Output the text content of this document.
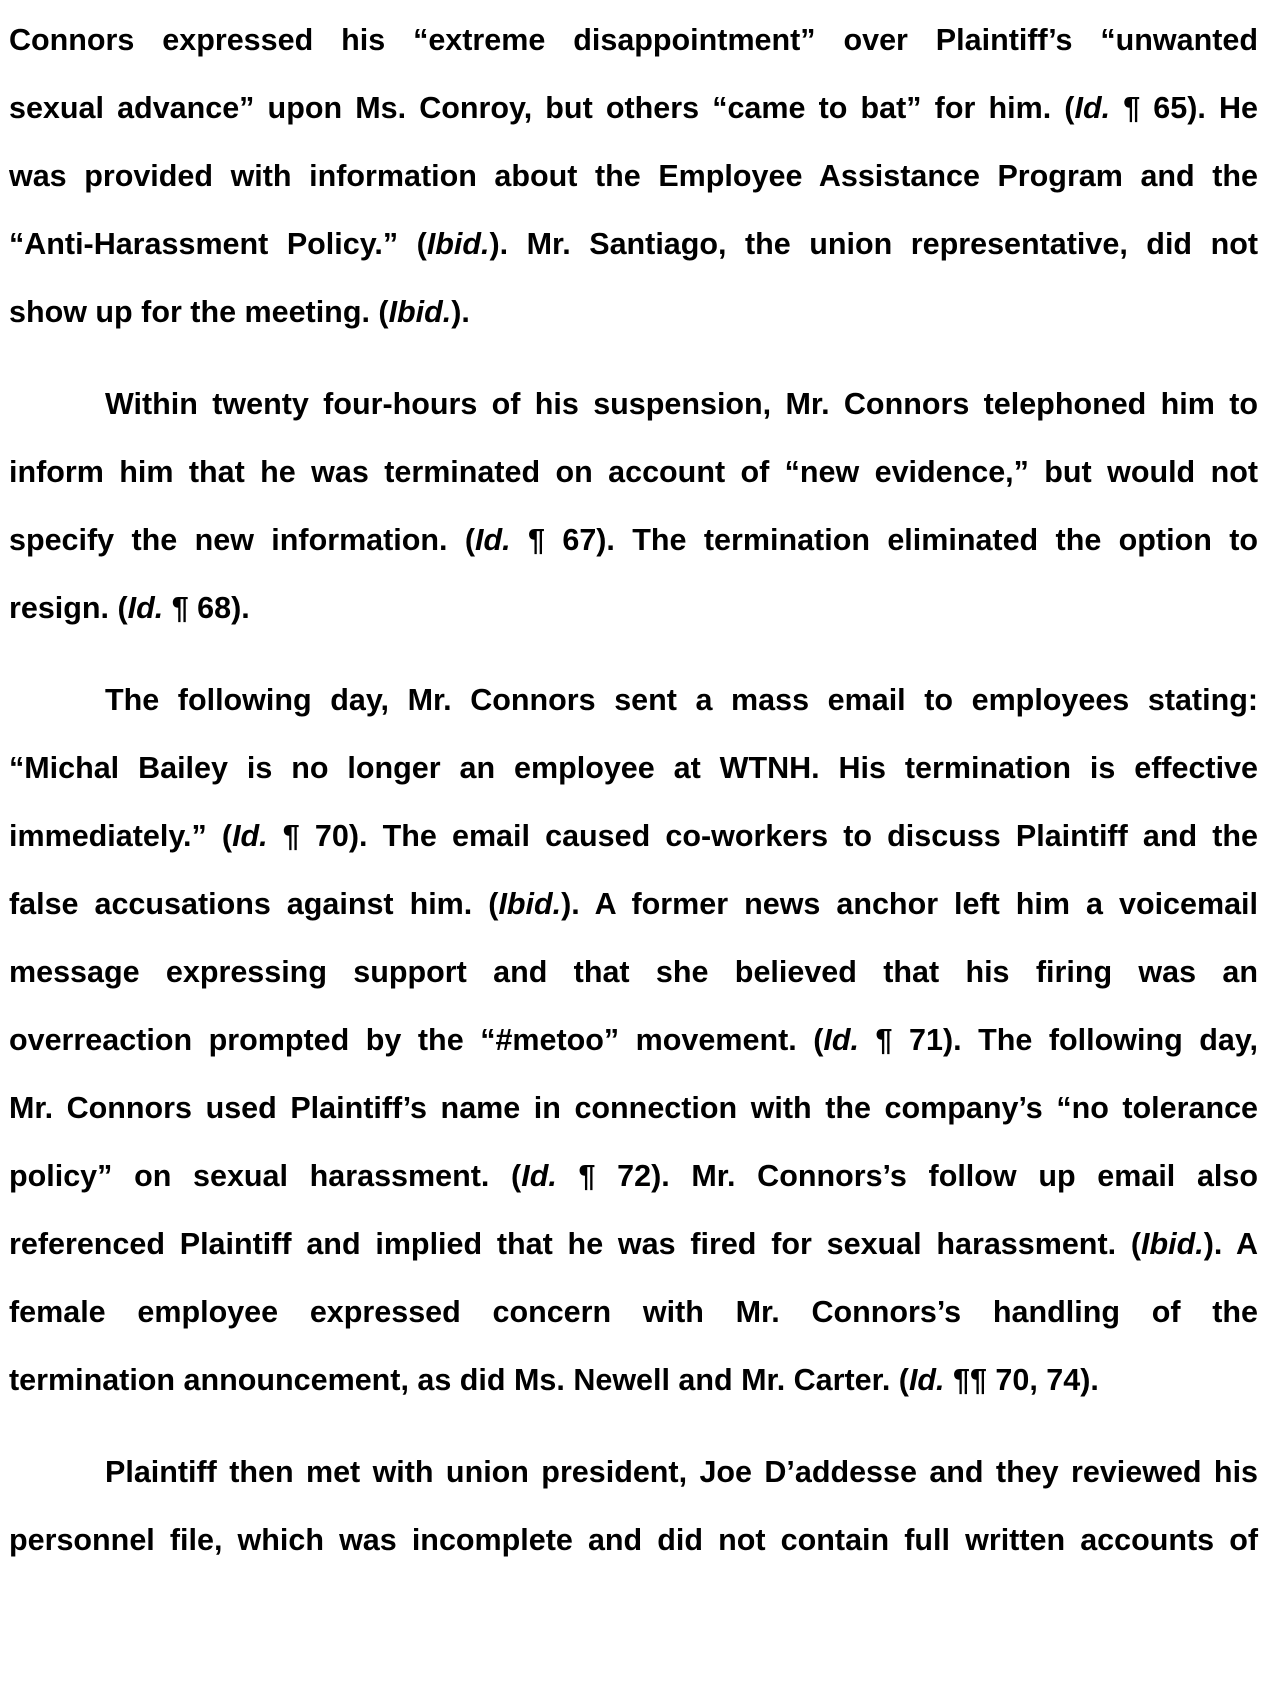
Connors expressed his “extreme disappointment” over Plaintiff’s “unwanted
sexual advance” upon Ms. Conroy, but others “came to bat” for him. (Id. ¶ 65). He
was provided with information about the Employee Assistance Program and the
“Anti-Harassment Policy.” (Ibid.). Mr. Santiago, the union representative, did not
show up for the meeting. (Ibid.).
Within twenty four-hours of his suspension, Mr. Connors telephoned him to
inform him that he was terminated on account of “new evidence,” but would not
specify the new information. (Id. ¶ 67). The termination eliminated the option to
resign. (Id. ¶ 68).
The following day, Mr. Connors sent a mass email to employees stating:
“Michal Bailey is no longer an employee at WTNH. His termination is effective
immediately.” (Id. ¶ 70). The email caused co-workers to discuss Plaintiff and the
false accusations against him. (Ibid.). A former news anchor left him a voicemail
message expressing support and that she believed that his firing was an
overreaction prompted by the “#metoo” movement. (Id. ¶ 71). The following day,
Mr. Connors used Plaintiff’s name in connection with the company’s “no tolerance
policy” on sexual harassment. (Id. ¶ 72). Mr. Connors’s follow up email also
referenced Plaintiff and implied that he was fired for sexual harassment. (Ibid.). A
female employee expressed concern with Mr. Connors’s handling of the
termination announcement, as did Ms. Newell and Mr. Carter. (Id. ¶¶ 70, 74).
Plaintiff then met with union president, Joe D’addesse and they reviewed his
personnel file, which was incomplete and did not contain full written accounts of
